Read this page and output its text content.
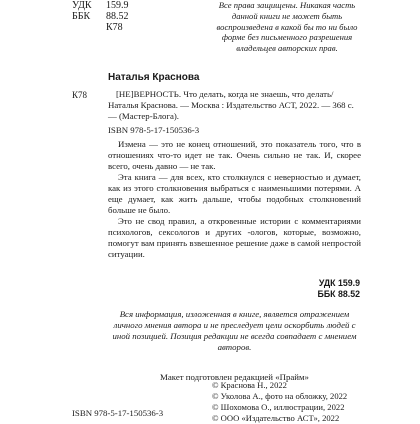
УДК	159.9
ББК	88.52
К78
Все права защищены. Никакая часть данной книги не может быть воспроизведена в какой бы то ни было форме без письменного разрешения владельцев авторских прав.
Наталья Краснова
К78	[НЕ]ВЕРНОСТЬ. Что делать, когда не знаешь, что делать/ Наталья Краснова. — Москва : Издательство АСТ, 2022. — 368 с. — (Мастер-Блога).
ISBN 978-5-17-150536-3

Измена — это не конец отношений, это показатель того, что в отношениях что-то идет не так. Очень сильно не так. И, скорее всего, очень давно — не так.

Эта книга — для всех, кто столкнулся с неверностью и думает, как из этого столкновения выбраться с наименьшими потерями. А еще думает, как жить дальше, чтобы подобных столкновений больше не было.

Это не свод правил, а откровенные истории с комментариями психологов, сексологов и других -ологов, которые, возможно, помогут вам принять взвешенное решение даже в самой непростой ситуации.

УДК 159.9
ББК 88.52
Вся информация, изложенная в книге, является отражением личного мнения автора и не преследует цели оскорбить людей с иной позицией. Позиция редакции не всегда совпадает с мнением авторов.
Макет подготовлен редакцией «Прайм»
© Краснова Н., 2022
© Уколова А., фото на обложку, 2022
© Шохомова О., иллюстрации, 2022
© ООО «Издательство АСТ», 2022
ISBN 978-5-17-150536-3
